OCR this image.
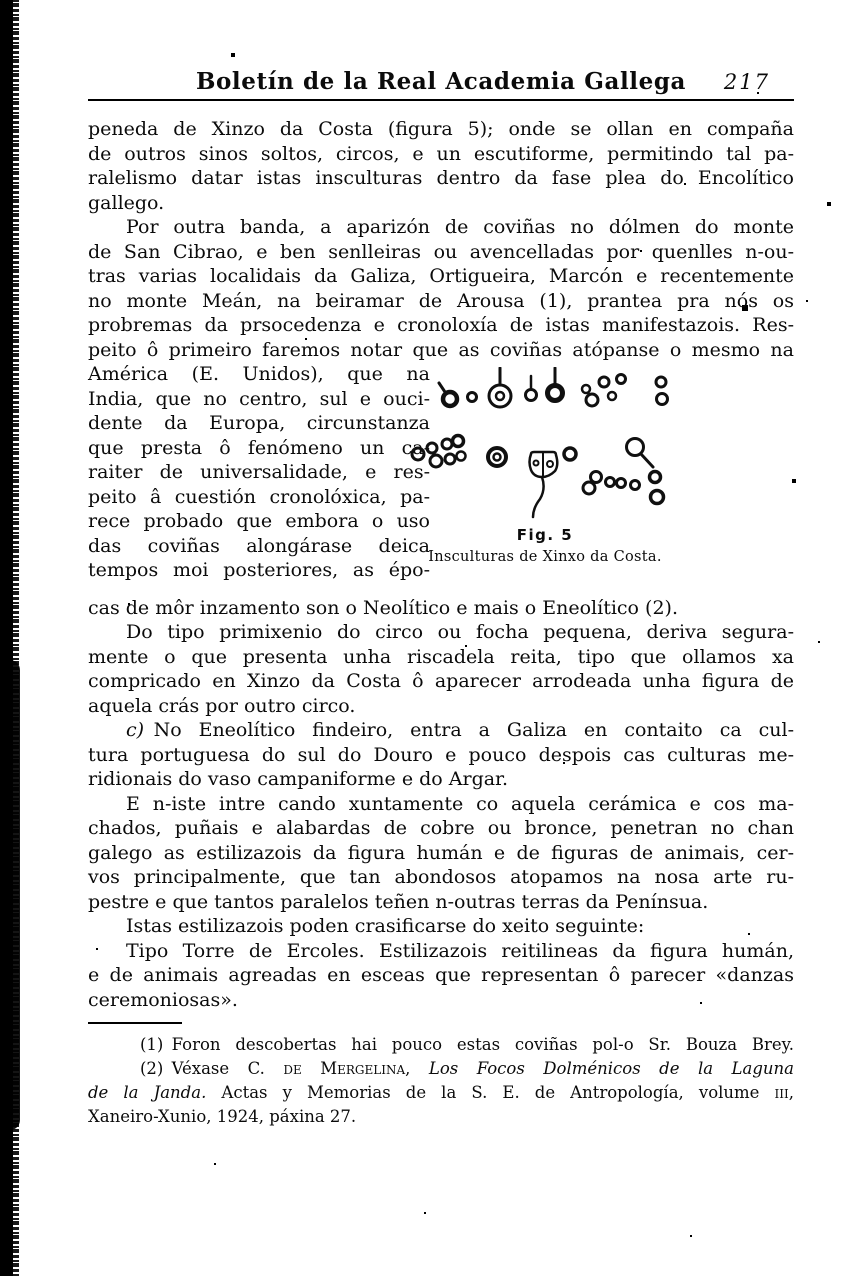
Boletín de la Real Academia Gallega 217
peneda de Xinzo da Costa (figura 5); onde se ollan en compaña
de outros sinos soltos, circos, e un escutiforme, permitindo tal pa-
ralelismo datar istas insculturas dentro da fase plea do Encolítico
gallego.
Por outra banda, a aparizón de coviñas no dólmen do monte
de San Cibrao, e ben senlleiras ou avencelladas por quenlles n-ou-
tras varias localidais da Galiza, Ortigueira, Marcón e recentemente
no monte Meán, na beiramar de Arousa (1), prantea pra nós os
probremas da prsocedenza e cronoloxía de istas manifestazois. Res-
peito ô primeiro faremos notar que as coviñas atópanse o mesmo na
América (E. Unidos), que na
India, que no centro, sul e ouci-
dente da Europa, circunstanza
que presta ô fenómeno un ca-
raiter de universalidade, e res-
peito â cuestión cronolóxica, pa-
rece probado que embora o uso
das coviñas alongárase deica
tempos moi posteriores, as épo-
cas de môr inzamento son o Neolítico e mais o Eneolítico (2).
Do tipo primixenio do circo ou focha pequena, deriva segura-
mente o que presenta unha riscadela reita, tipo que ollamos xa
compricado en Xinzo da Costa ô aparecer arrodeada unha figura de
aquela crás por outro circo.
c) No Eneolítico findeiro, entra a Galiza en contaito ca cul-
tura portuguesa do sul do Douro e pouco despois cas culturas me-
ridionais do vaso campaniforme e do Argar.
E n-iste intre cando xuntamente co aquela cerámica e cos ma-
chados, puñais e alabardas de cobre ou bronce, penetran no chan
galego as estilizazois da figura humán e de figuras de animais, cer-
vos principalmente, que tan abondosos atopamos na nosa arte ru-
pestre e que tantos paralelos teñen n-outras terras da Penínsua.
Istas estilizazois poden crasificarse do xeito seguinte:
Tipo Torre de Ercoles. Estilizazois reitilineas da figura humán,
e de animais agreadas en esceas que representan ô parecer «danzas
ceremoniosas».
Fig. 5
Insculturas de Xinxo da Costa.
(1) Foron descobertas hai pouco estas coviñas pol-o Sr. Bouza Brey.
(2) Véxase C. de Mergelina, Los Focos Dolménicos de la Laguna
de la Janda. Actas y Memorias de la S. E. de Antropología, volume iii,
Xaneiro-Xunio, 1924, páxina 27.
